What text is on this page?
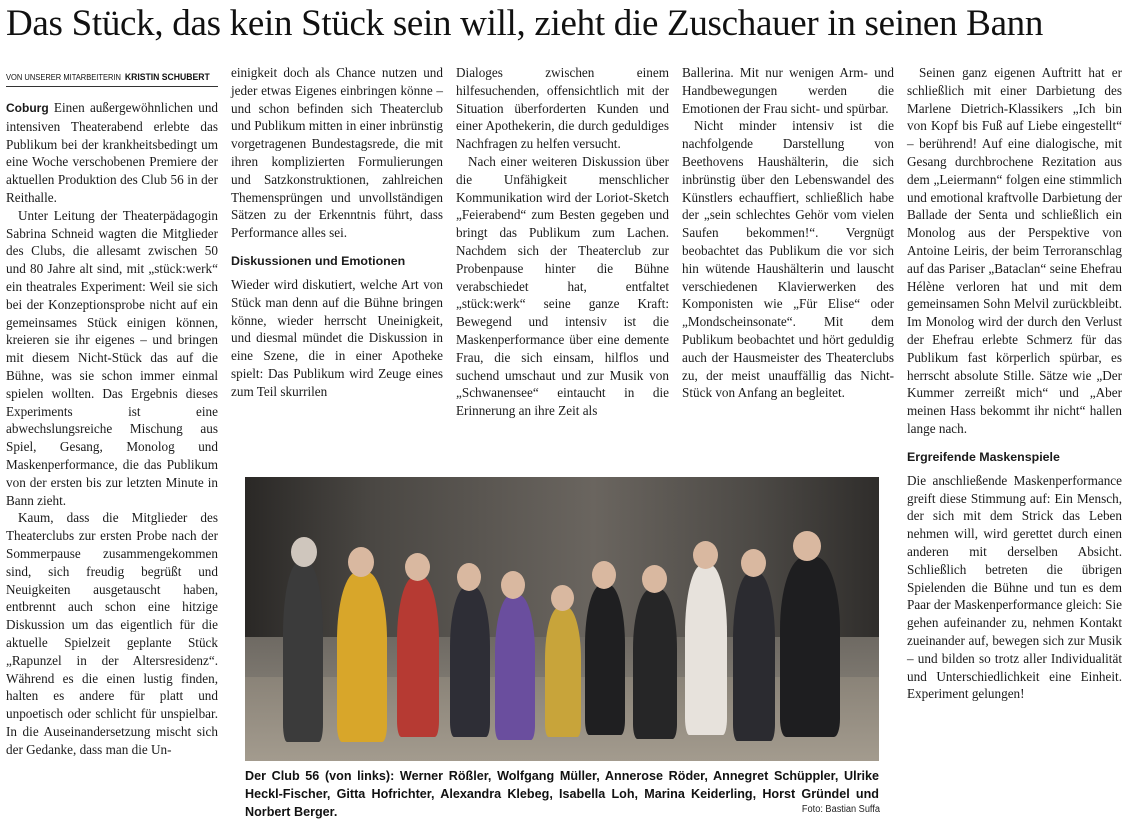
Das Stück, das kein Stück sein will, zieht die Zuschauer in seinen Bann
VON UNSERER MITARBEITERIN KRISTIN SCHUBERT

Coburg Einen außergewöhnlichen und intensiven Theaterabend erlebte das Publikum bei der krankheitsbedingt um eine Woche verschobenen Premiere der aktuellen Produktion des Club 56 in der Reithalle.

Unter Leitung der Theaterpädagogin Sabrina Schneid wagten die Mitglieder des Clubs, die allesamt zwischen 50 und 80 Jahre alt sind, mit „stück:werk“ ein theatrales Experiment: Weil sie sich bei der Konzeptionsprobe nicht auf ein gemeinsames Stück einigen können, kreieren sie ihr eigenes – und bringen mit diesem Nicht-Stück das auf die Bühne, was sie schon immer einmal spielen wollten. Das Ergebnis dieses Experiments ist eine abwechslungsreiche Mischung aus Spiel, Gesang, Monolog und Maskenperformance, die das Publikum von der ersten bis zur letzten Minute in Bann zieht.

Kaum, dass die Mitglieder des Theaterclubs zur ersten Probe nach der Sommerpause zusammengekommen sind, sich freudig begrüßt und Neuigkeiten ausgetauscht haben, entbrennt auch schon eine hitzige Diskussion um das eigentlich für die aktuelle Spielzeit geplante Stück „Rapunzel in der Altersresidenz“. Während es die einen lustig finden, halten es andere für platt und unpoetisch oder schlicht für unspielbar. In die Auseinandersetzung mischt sich der Gedanke, dass man die Un-

einigkeit doch als Chance nutzen und jeder etwas Eigenes einbringen könne – und schon befinden sich Theaterclub und Publikum mitten in einer inbrünstig vorgetragenen Bundestagsrede, die mit ihren komplizierten Formulierungen und Satzkonstruktionen, zahlreichen Themensprüngen und unvollständigen Sätzen zu der Erkenntnis führt, dass Performance alles sei.

Diskussionen und Emotionen

Wieder wird diskutiert, welche Art von Stück man denn auf die Bühne bringen könne, wieder herrscht Uneinigkeit, und diesmal mündet die Diskussion in eine Szene, die in einer Apotheke spielt: Das Publikum wird Zeuge eines zum Teil skurrilen

Dialoges zwischen einem hilfesuchenden, offensichtlich mit der Situation überforderten Kunden und einer Apothekerin, die durch geduldiges Nachfragen zu helfen versucht.

Nach einer weiteren Diskussion über die Unfähigkeit menschlicher Kommunikation wird der Loriot-Sketch „Feierabend“ zum Besten gegeben und bringt das Publikum zum Lachen. Nachdem sich der Theaterclub zur Probenpause hinter die Bühne verabschiedet hat, entfaltet „stück:werk“ seine ganze Kraft: Bewegend und intensiv ist die Maskenperformance über eine demente Frau, die sich einsam, hilflos und suchend umschaut und zur Musik von „Schwanensee“ eintaucht in die Erinnerung an ihre Zeit als

Ballerina. Mit nur wenigen Arm- und Handbewegungen werden die Emotionen der Frau sicht- und spürbar.

Nicht minder intensiv ist die nachfolgende Darstellung von Beethovens Haushälterin, die sich inbrünstig über den Lebenswandel des Künstlers echauffiert, schließlich habe der „sein schlechtes Gehör vom vielen Saufen bekommen!“. Vergnügt beobachtet das Publikum die vor sich hin wütende Haushälterin und lauscht verschiedenen Klavierwerken des Komponisten wie „Für Elise“ oder „Mondscheinsonate“. Mit dem Publikum beobachtet und hört geduldig auch der Hausmeister des Theaterclubs zu, der meist unauffällig das Nicht-Stück von Anfang an begleitet.

Seinen ganz eigenen Auftritt hat er schließlich mit einer Darbietung des Marlene Dietrich-Klassikers „Ich bin von Kopf bis Fuß auf Liebe eingestellt“ – berührend! Auf eine dialogische, mit Gesang durchbrochene Rezitation aus dem „Leiermann“ folgen eine stimmlich und emotional kraftvolle Darbietung der Ballade der Senta und schließlich ein Monolog aus der Perspektive von Antoine Leiris, der beim Terroranschlag auf das Pariser „Bataclan“ seine Ehefrau Hélène verloren hat und mit dem gemeinsamen Sohn Melvil zurückbleibt. Im Monolog wird der durch den Verlust der Ehefrau erlebte Schmerz für das Publikum fast körperlich spürbar, es herrscht absolute Stille. Sätze wie „Der Kummer zerreißt mich“ und „Aber meinen Hass bekommt ihr nicht“ hallen lange nach.

Ergreifende Maskenspiele

Die anschließende Maskenperformance greift diese Stimmung auf: Ein Mensch, der sich mit dem Strick das Leben nehmen will, wird gerettet durch einen anderen mit derselben Absicht. Schließlich betreten die übrigen Spielenden die Bühne und tun es dem Paar der Maskenperformance gleich: Sie gehen aufeinander zu, nehmen Kontakt zueinander auf, bewegen sich zur Musik – und bilden so trotz aller Individualität und Unterschiedlichkeit eine Einheit. Experiment gelungen!

Der Club 56 (von links): Werner Rößler, Wolfgang Müller, Annerose Röder, Annegret Schüppler, Ulrike Heckl-Fischer, Gitta Hofrichter, Alexandra Klebeg, Isabella Loh, Marina Keiderling, Horst Gründel und Norbert Berger.	Foto: Bastian Suffa
